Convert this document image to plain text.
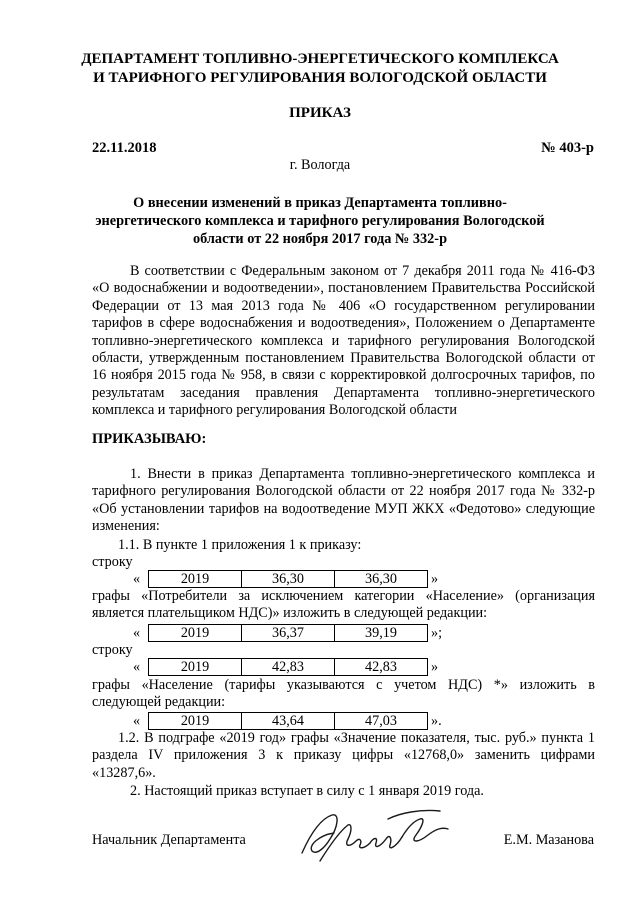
ДЕПАРТАМЕНТ ТОПЛИВНО-ЭНЕРГЕТИЧЕСКОГО КОМПЛЕКСА
И ТАРИФНОГО РЕГУЛИРОВАНИЯ ВОЛОГОДСКОЙ ОБЛАСТИ
ПРИКАЗ
22.11.2018	№ 403-р
г. Вологда
О внесении изменений в приказ Департамента топливно-
энергетического комплекса и тарифного регулирования Вологодской
области от 22 ноября 2017 года № 332-р
В соответствии с Федеральным законом от 7 декабря 2011 года № 416-ФЗ «О водоснабжении и водоотведении», постановлением Правительства Российской Федерации от 13 мая 2013 года № 406 «О государственном регулировании тарифов в сфере водоснабжения и водоотведения», Положением о Департаменте топливно-энергетического комплекса и тарифного регулирования Вологодской области, утвержденным постановлением Правительства Вологодской области от 16 ноября 2015 года № 958, в связи с корректировкой долгосрочных тарифов, по результатам заседания правления Департамента топливно-энергетического комплекса и тарифного регулирования Вологодской области
ПРИКАЗЫВАЮ:
1. Внести в приказ Департамента топливно-энергетического комплекса и тарифного регулирования Вологодской области от 22 ноября 2017 года № 332-р «Об установлении тарифов на водоотведение МУП ЖКХ «Федотово» следующие изменения:
1.1. В пункте 1 приложения 1 к приказу:
строку
«	2019	36,30	36,30 »
графы «Потребители за исключением категории «Население» (организация является плательщиком НДС)» изложить в следующей редакции:
«	2019	36,37	39,19 »;
строку
«	2019	42,83	42,83 »
графы «Население (тарифы указываются с учетом НДС) *» изложить в следующей редакции:
«	2019	43,64	47,03 ».
1.2. В подграфе «2019 год» графы «Значение показателя, тыс. руб.» пункта 1 раздела IV приложения 3 к приказу цифры «12768,0» заменить цифрами «13287,6».
2. Настоящий приказ вступает в силу с 1 января 2019 года.
Начальник Департамента	Е.М. Мазанова
